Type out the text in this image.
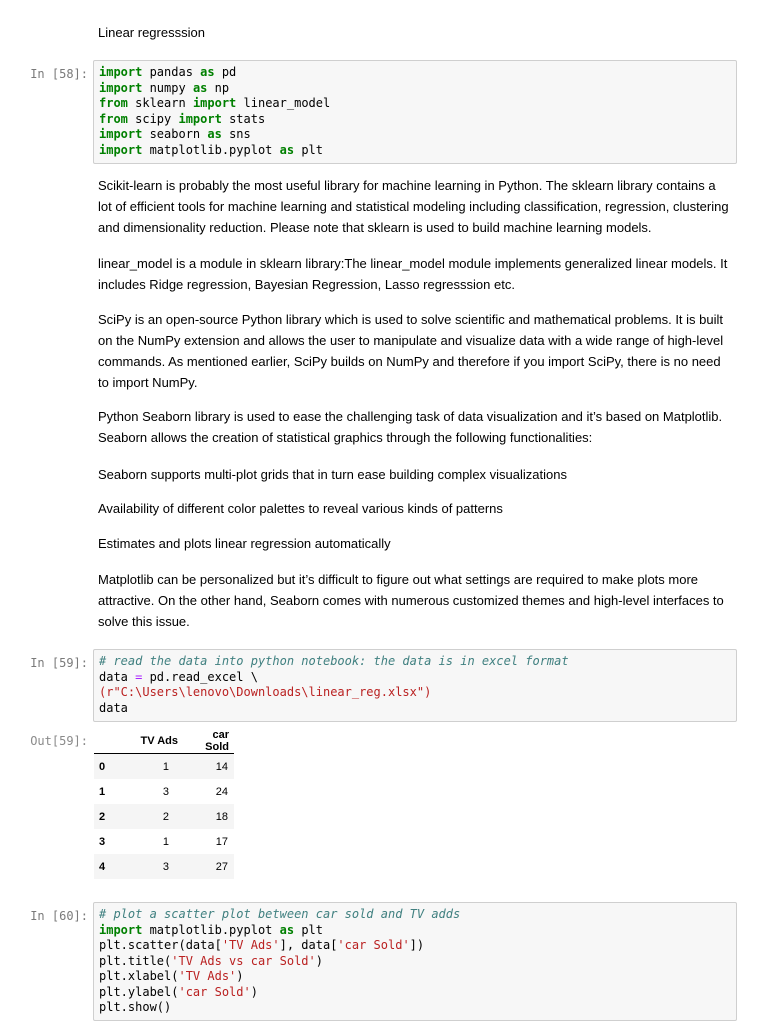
Linear regresssion

In [58]: import pandas as pd
import numpy as np
from sklearn import linear_model
from scipy import stats
import seaborn as sns
import matplotlib.pyplot as plt

Scikit-learn is probably the most useful library for machine learning in Python. The sklearn library contains a lot of efficient tools for machine learning and statistical modeling including classification, regression, clustering and dimensionality reduction. Please note that sklearn is used to build machine learning models.

linear_model is a module in sklearn library:The linear_model module implements generalized linear models. It includes Ridge regression, Bayesian Regression, Lasso regresssion etc.

SciPy is an open-source Python library which is used to solve scientific and mathematical problems. It is built on the NumPy extension and allows the user to manipulate and visualize data with a wide range of high-level commands. As mentioned earlier, SciPy builds on NumPy and therefore if you import SciPy, there is no need to import NumPy.

Python Seaborn library is used to ease the challenging task of data visualization and it’s based on Matplotlib. Seaborn allows the creation of statistical graphics through the following functionalities:

Seaborn supports multi-plot grids that in turn ease building complex visualizations

Availability of different color palettes to reveal various kinds of patterns

Estimates and plots linear regression automatically

Matplotlib can be personalized but it’s difficult to figure out what settings are required to make plots more attractive. On the other hand, Seaborn comes with numerous customized themes and high-level interfaces to solve this issue.

In [59]: # read the data into python notebook: the data is in excel format
data = pd.read_excel \
(r"C:\Users\lenovo\Downloads\linear_reg.xlsx")
data
Out[59]:
		TV Ads	car Sold
0	1	14
1	3	24
2	2	18
3	1	17
4	3	27
In [60]: # plot a scatter plot between car sold and TV adds
import matplotlib.pyplot as plt
plt.scatter(data['TV Ads'], data['car Sold'])
plt.title('TV Ads vs car Sold')
plt.xlabel('TV Ads')
plt.ylabel('car Sold')
plt.show()
